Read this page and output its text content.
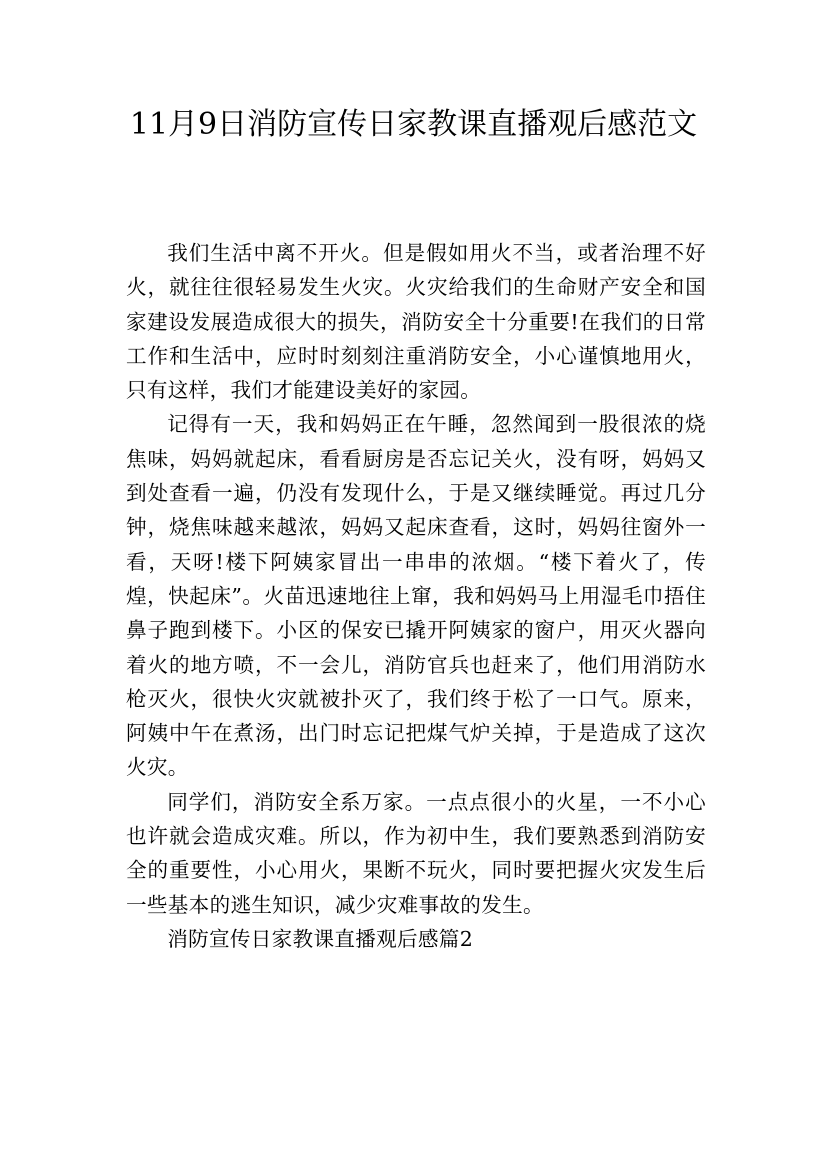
11月9日消防宣传日家教课直播观后感范文

我们生活中离不开火。但是假如用火不当，或者治理不好火，就往往很轻易发生火灾。火灾给我们的生命财产安全和国家建设发展造成很大的损失，消防安全十分重要!在我们的日常工作和生活中，应时时刻刻注重消防安全，小心谨慎地用火，只有这样，我们才能建设美好的家园。

记得有一天，我和妈妈正在午睡，忽然闻到一股很浓的烧焦味，妈妈就起床，看看厨房是否忘记关火，没有呀，妈妈又到处查看一遍，仍没有发现什么，于是又继续睡觉。再过几分钟，烧焦味越来越浓，妈妈又起床查看，这时，妈妈往窗外一看，天呀!楼下阿姨家冒出一串串的浓烟。“楼下着火了，传煌，快起床”。火苗迅速地往上窜，我和妈妈马上用湿毛巾捂住鼻子跑到楼下。小区的保安已撬开阿姨家的窗户，用灭火器向着火的地方喷，不一会儿，消防官兵也赶来了，他们用消防水枪灭火，很快火灾就被扑灭了，我们终于松了一口气。原来，阿姨中午在煮汤，出门时忘记把煤气炉关掉，于是造成了这次火灾。

同学们，消防安全系万家。一点点很小的火星，一不小心也许就会造成灾难。所以，作为初中生，我们要熟悉到消防安全的重要性，小心用火，果断不玩火，同时要把握火灾发生后一些基本的逃生知识，减少灾难事故的发生。

消防宣传日家教课直播观后感篇2
